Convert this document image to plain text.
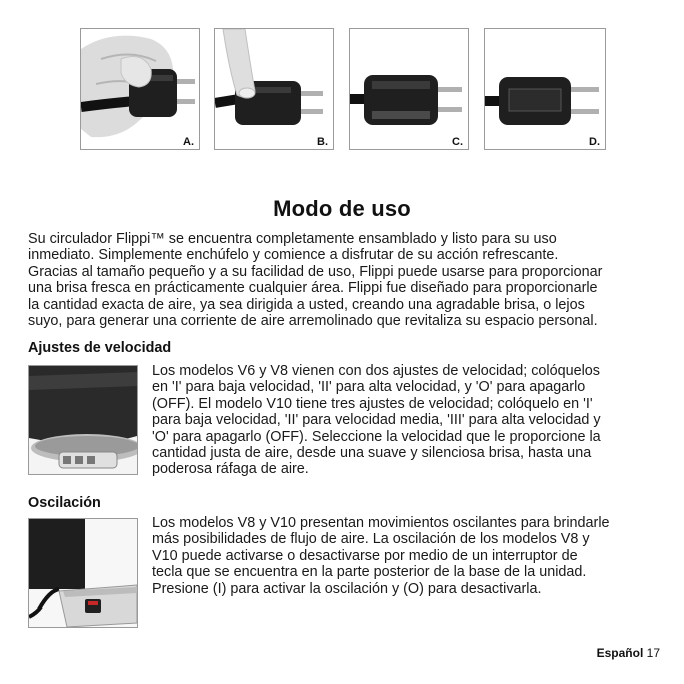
A.	B.	C.	D.
Modo de uso
Su circulador Flippi™ se encuentra completamente ensamblado y listo para su uso
inmediato. Simplemente enchúfelo y comience a disfrutar de su acción refrescante.
Gracias al tamaño pequeño y a su facilidad de uso, Flippi puede usarse para proporcionar
una brisa fresca en prácticamente cualquier área. Flippi fue diseñado para proporcionarle
la cantidad exacta de aire, ya sea dirigida a usted, creando una agradable brisa, o lejos
suyo, para generar una corriente de aire arremolinado que revitaliza su espacio personal.
Ajustes de velocidad
Los modelos V6 y V8 vienen con dos ajustes de velocidad; colóquelos
en 'I' para baja velocidad, 'II' para alta velocidad, y 'O' para apagarlo
(OFF). El modelo V10 tiene tres ajustes de velocidad; colóquelo en 'I'
para baja velocidad, 'II' para velocidad media, 'III' para alta velocidad y
'O' para apagarlo (OFF). Seleccione la velocidad que le proporcione la
cantidad justa de aire, desde una suave y silenciosa brisa, hasta una
poderosa ráfaga de aire.
Oscilación
Los modelos V8 y V10 presentan movimientos oscilantes para brindarle
más posibilidades de flujo de aire. La oscilación de los modelos V8 y
V10 puede activarse o desactivarse por medio de un interruptor de
tecla que se encuentra en la parte posterior de la base de la unidad.
Presione (I) para activar la oscilación y (O) para desactivarla.
Español 17
